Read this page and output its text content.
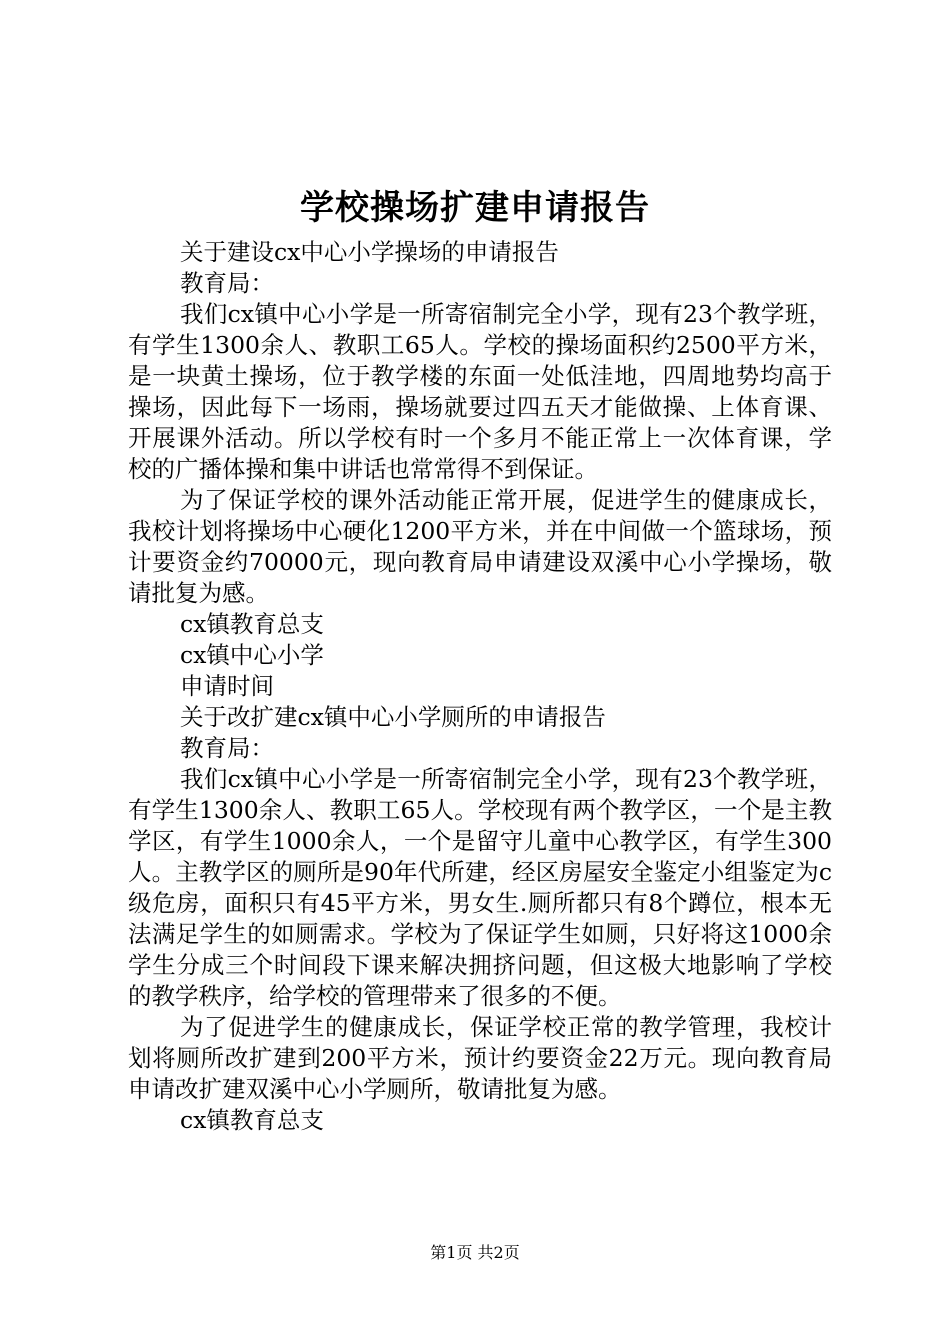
学校操场扩建申请报告
关于建设cx中心小学操场的申请报告
教育局：

我们cx镇中心小学是一所寄宿制完全小学，现有23个教学班，有学生1300余人、教职工65人。学校的操场面积约2500平方米，是一块黄土操场，位于教学楼的东面一处低洼地，四周地势均高于操场，因此每下一场雨，操场就要过四五天才能做操、上体育课、开展课外活动。所以学校有时一个多月不能正常上一次体育课，学校的广播体操和集中讲话也常常得不到保证。

为了保证学校的课外活动能正常开展，促进学生的健康成长，我校计划将操场中心硬化1200平方米，并在中间做一个篮球场，预计要资金约70000元，现向教育局申请建设双溪中心小学操场，敬请批复为感。

cx镇教育总支
cx镇中心小学
申请时间
关于改扩建cx镇中心小学厕所的申请报告
教育局：

我们cx镇中心小学是一所寄宿制完全小学，现有23个教学班，有学生1300余人、教职工65人。学校现有两个教学区，一个是主教学区，有学生1000余人，一个是留守儿童中心教学区，有学生300人。主教学区的厕所是90年代所建，经区房屋安全鉴定小组鉴定为c级危房，面积只有45平方米，男女生.厕所都只有8个蹲位，根本无法满足学生的如厕需求。学校为了保证学生如厕，只好将这1000余学生分成三个时间段下课来解决拥挤问题，但这极大地影响了学校的教学秩序，给学校的管理带来了很多的不便。

为了促进学生的健康成长，保证学校正常的教学管理，我校计划将厕所改扩建到200平方米，预计约要资金22万元。现向教育局申请改扩建双溪中心小学厕所，敬请批复为感。

cx镇教育总支
第1页 共2页
